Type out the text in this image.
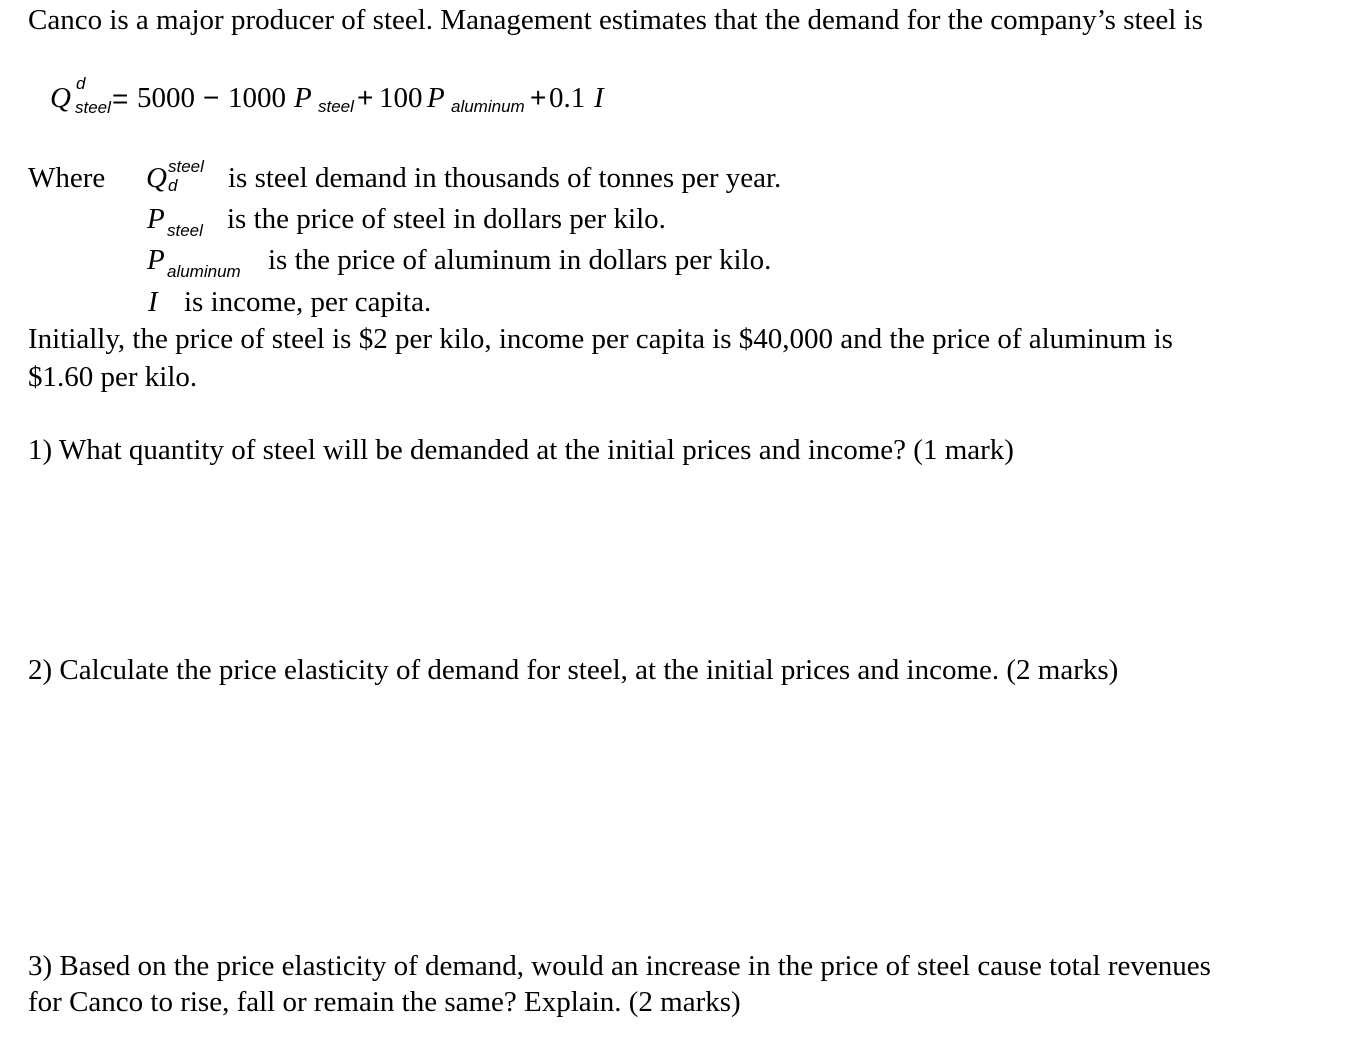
Canco is a major producer of steel. Management estimates that the demand for the company’s steel is
Q d
steel = 5000 − 1000 P steel + 100 P aluminum + 0.1 I
Where Q steel
d is steel demand in thousands of tonnes per year.
P steel is the price of steel in dollars per kilo.
P aluminum is the price of aluminum in dollars per kilo.
I is income, per capita.
Initially, the price of steel is $2 per kilo, income per capita is $40,000 and the price of aluminum is
$1.60 per kilo.
1) What quantity of steel will be demanded at the initial prices and income? (1 mark)
2) Calculate the price elasticity of demand for steel, at the initial prices and income. (2 marks)
3) Based on the price elasticity of demand, would an increase in the price of steel cause total revenues
for Canco to rise, fall or remain the same? Explain. (2 marks)
